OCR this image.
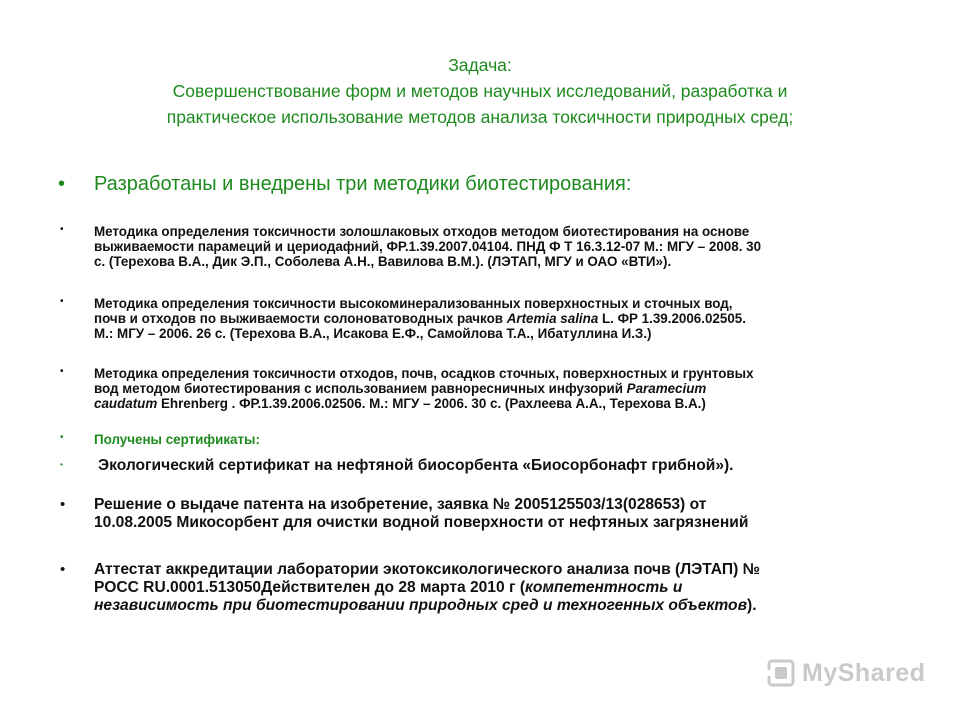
Задача:
Совершенствование форм и методов научных исследований, разработка и
практическое использование методов анализа токсичности природных сред;
• Разработаны и внедрены три методики биотестирования:
• Методика определения токсичности золошлаковых отходов методом биотестирования на основе
выживаемости парамеций и цериодафний, ФР.1.39.2007.04104. ПНД Ф Т 16.3.12-07 М.: МГУ – 2008. 30
с. (Терехова В.А., Дик Э.П., Соболева А.Н., Вавилова В.М.). (ЛЭТАП, МГУ и ОАО «ВТИ»).
• Методика определения токсичности высокоминерализованных поверхностных и сточных вод,
почв и отходов по выживаемости солоноватоводных рачков Artemia salina L. ФР 1.39.2006.02505.
М.: МГУ – 2006. 26 с. (Терехова В.А., Исакова Е.Ф., Самойлова Т.А., Ибатуллина И.З.)
• Методика определения токсичности отходов, почв, осадков сточных, поверхностных и грунтовых
вод методом биотестирования с использованием равноресничных инфузорий Paramecium
caudatum Ehrenberg . ФР.1.39.2006.02506. М.: МГУ – 2006. 30 с. (Рахлеева А.А., Терехова В.А.)
• Получены сертификаты:
• Экологический сертификат на нефтяной биосорбента «Биосорбонафт грибной»).
• Решение о выдаче патента на изобретение, заявка № 2005125503/13(028653) от
10.08.2005 Микосорбент для очистки водной поверхности от нефтяных загрязнений
• Аттестат аккредитации лаборатории экотоксикологического анализа почв (ЛЭТАП) №
РОСС RU.0001.513050Действителен до 28 марта 2010 г (компетентность и
независимость при биотестировании природных сред и техногенных объектов).
MyShared
